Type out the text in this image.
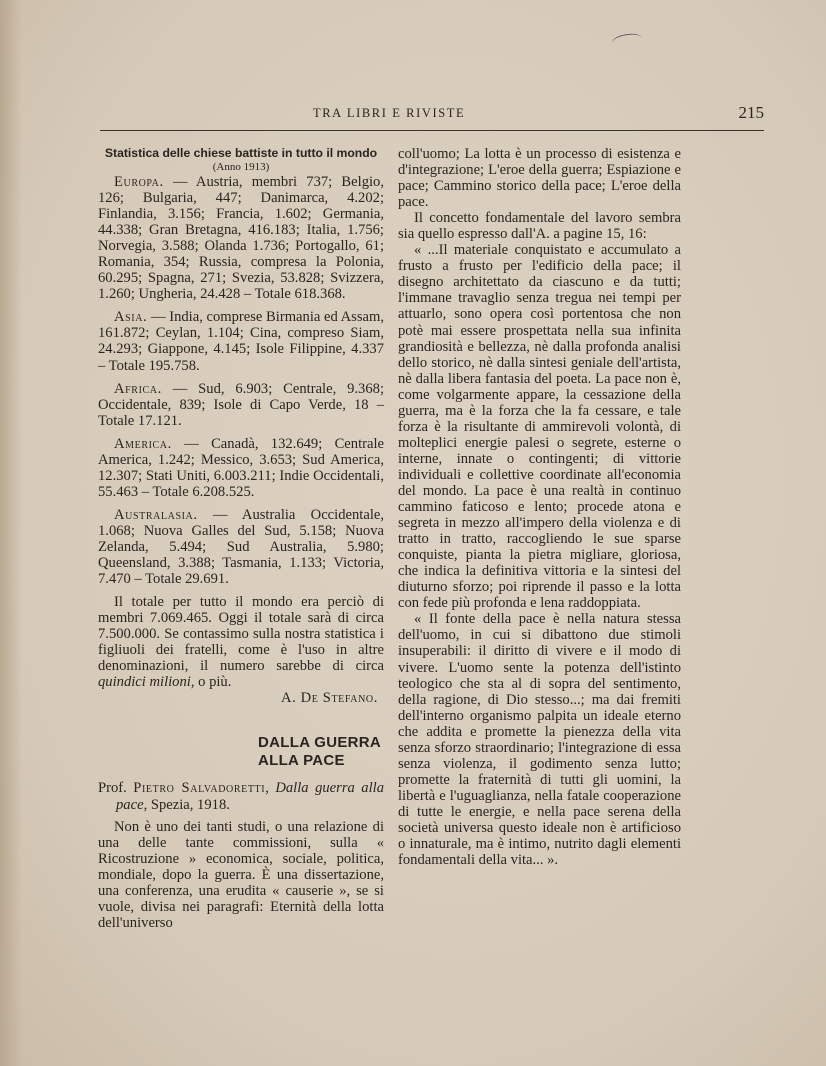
TRA LIBRI E RIVISTE	215

Statistica delle chiese battiste in tutto il mondo

(Anno 1913)

Europa. — Austria, membri 737; Belgio, 126; Bulgaria, 447; Danimarca, 4.202; Finlandia, 3.156; Francia, 1.602; Germania, 44.338; Gran Bretagna, 416.183; Italia, 1.756; Norvegia, 3.588; Olanda 1.736; Portogallo, 61; Romania, 354; Russia, compresa la Polonia, 60.295; Spagna, 271; Svezia, 53.828; Svizzera, 1.260; Ungheria, 24.428 – Totale 618.368.

Asia. — India, comprese Birmania ed Assam, 161.872; Ceylan, 1.104; Cina, compreso Siam, 24.293; Giappone, 4.145; Isole Filippine, 4.337 – Totale 195.758.

Africa. — Sud, 6.903; Centrale, 9.368; Occidentale, 839; Isole di Capo Verde, 18 – Totale 17.121.

America. — Canadà, 132.649; Centrale America, 1.242; Messico, 3.653; Sud America, 12.307; Stati Uniti, 6.003.211; Indie Occidentali, 55.463 – Totale 6.208.525.

Australasia. — Australia Occidentale, 1.068; Nuova Galles del Sud, 5.158; Nuova Zelanda, 5.494; Sud Australia, 5.980; Queensland, 3.388; Tasmania, 1.133; Victoria, 7.470 – Totale 29.691.

Il totale per tutto il mondo era perciò di membri 7.069.465. Oggi il totale sarà di circa 7.500.000. Se contassimo sulla nostra statistica i figliuoli dei fratelli, come è l'uso in altre denominazioni, il numero sarebbe di circa quindici milioni, o più.

A. De Stefano.

DALLA GUERRA
ALLA PACE

Prof. Pietro Salvadoretti, Dalla guerra alla pace, Spezia, 1918.

Non è uno dei tanti studi, o una relazione di una delle tante commissioni, sulla « Ricostruzione » economica, sociale, politica, mondiale, dopo la guerra. È una dissertazione, una conferenza, una erudita « causerie », se si vuole, divisa nei paragrafi: Eternità della lotta dell'universo

coll'uomo; La lotta è un processo di esistenza e d'integrazione; L'eroe della guerra; Espiazione e pace; Cammino storico della pace; L'eroe della pace.

Il concetto fondamentale del lavoro sembra sia quello espresso dall'A. a pagine 15, 16:

« ...Il materiale conquistato e accumulato a frusto a frusto per l'edificio della pace; il disegno architettato da ciascuno e da tutti; l'immane travaglio senza tregua nei tempi per attuarlo, sono opera così portentosa che non potè mai essere prospettata nella sua infinita grandiosità e bellezza, nè dalla profonda analisi dello storico, nè dalla sintesi geniale dell'artista, nè dalla libera fantasia del poeta. La pace non è, come volgarmente appare, la cessazione della guerra, ma è la forza che la fa cessare, e tale forza è la risultante di ammirevoli volontà, di molteplici energie palesi o segrete, esterne o interne, innate o contingenti; di vittorie individuali e collettive coordinate all'economia del mondo. La pace è una realtà in continuo cammino faticoso e lento; procede atona e segreta in mezzo all'impero della violenza e di tratto in tratto, raccogliendo le sue sparse conquiste, pianta la pietra migliare, gloriosa, che indica la definitiva vittoria e la sintesi del diuturno sforzo; poi riprende il passo e la lotta con fede più profonda e lena raddoppiata.

« Il fonte della pace è nella natura stessa dell'uomo, in cui si dibattono due stimoli insuperabili: il diritto di vivere e il modo di vivere. L'uomo sente la potenza dell'istinto teologico che sta al di sopra del sentimento, della ragione, di Dio stesso...; ma dai fremiti dell'interno organismo palpita un ideale eterno che addita e promette la pienezza della vita senza sforzo straordinario; l'integrazione di essa senza violenza, il godimento senza lutto; promette la fraternità di tutti gli uomini, la libertà e l'uguaglianza, nella fatale cooperazione di tutte le energie, e nella pace serena della società universa questo ideale non è artificioso o innaturale, ma è intimo, nutrito dagli elementi fondamentali della vita... ».
